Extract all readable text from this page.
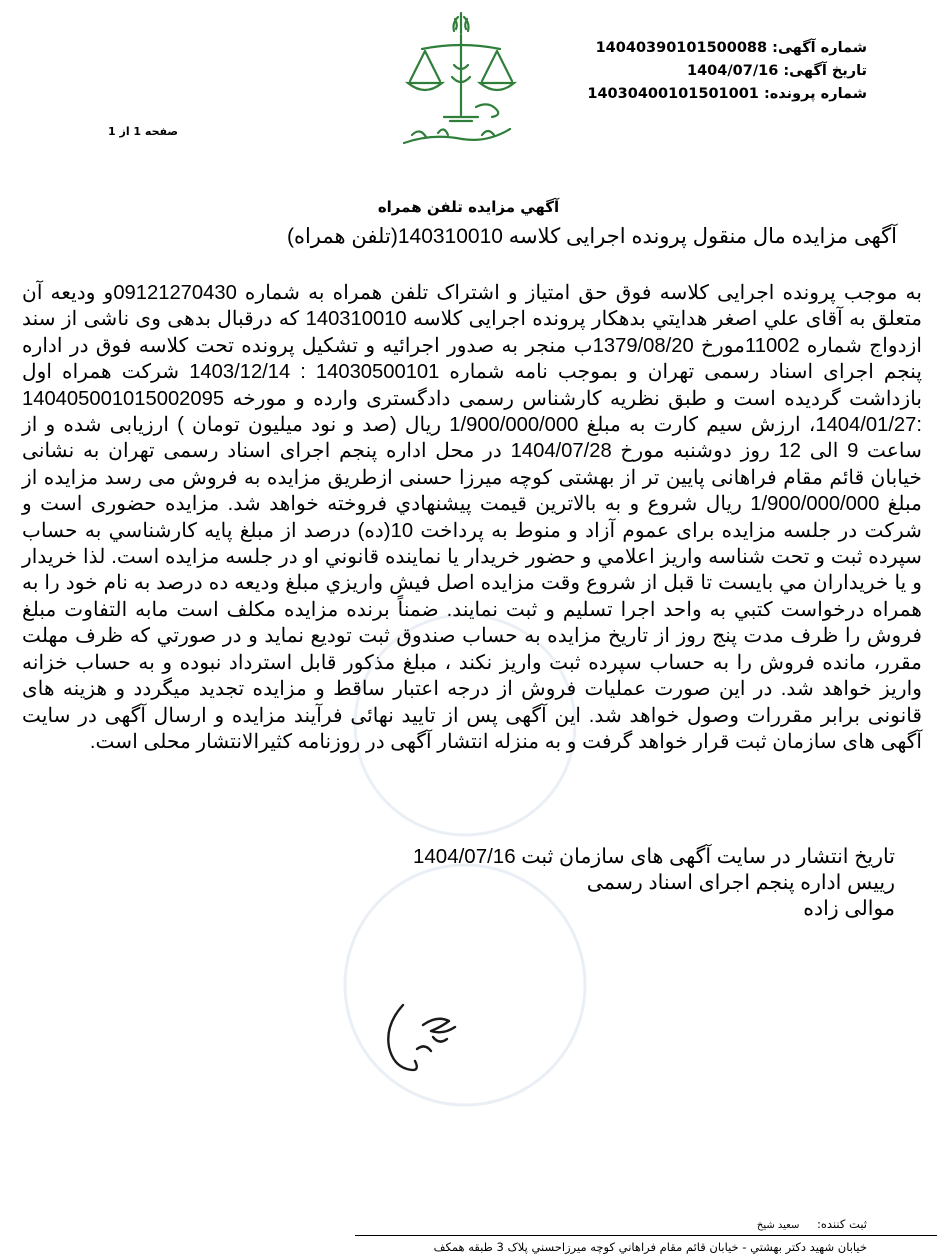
شماره آگهی: 14040390101500088
تاریخ آگهی: 1404/07/16
شماره پرونده: 14030400101501001
صفحه 1 از 1
آگهي مزایده تلفن همراه
آگهی مزایده مال منقول پرونده اجرایی کلاسه 140310010(تلفن همراه)
به موجب پرونده اجرايی کلاسه فوق حق امتياز و اشتراک تلفن همراه به شماره 09121270430و وديعه آن متعلق به آقای علي اصغر هدايتي بدهکار پرونده اجرايی کلاسه 140310010 که درقبال بدهی وی ناشی از سند ازدواج شماره 11002مورخ 1379/08/20ب منجر به صدور اجرائيه و تشکيل پرونده تحت کلاسه فوق در اداره پنجم اجرای اسناد رسمی تهران و بموجب نامه شماره 14030500101 : 1403/12/14 شرکت همراه اول بازداشت گرديده است و طبق نظريه کارشناس رسمی دادگستری وارده و مورخه 140405001015002095 :1404/01/27، ارزش سيم کارت به مبلغ 1/900/000/000 ريال (صد و نود ميليون تومان ) ارزيابی شده و از ساعت 9 الی 12 روز دوشنبه مورخ 1404/07/28 در محل اداره پنجم اجرای اسناد رسمی تهران به نشانی خيابان قائم مقام فراهانی پايين تر از بهشتی کوچه ميرزا حسنی ازطريق مزايده به فروش می رسد مزايده از مبلغ 1/900/000/000 ريال شروع و به بالاترين قيمت پيشنهادي فروخته خواهد شد. مزايده حضوری است و شرکت در جلسه مزايده برای عموم آزاد و منوط به پرداخت 10(ده) درصد از مبلغ پايه کارشناسي به حساب سپرده ثبت و تحت شناسه واريز اعلامي و حضور خريدار يا نماينده قانوني او در جلسه مزايده است. لذا خريدار و يا خريداران مي بايست تا قبل از شروع وقت مزايده اصل فيش واريزي مبلغ وديعه ده درصد به نام خود را به همراه درخواست کتبي به واحد اجرا تسليم و ثبت نمايند. ضمناً برنده مزايده مکلف است مابه التفاوت مبلغ فروش را ظرف مدت پنج روز از تاريخ مزايده به حساب صندوق ثبت توديع نمايد و در صورتي که ظرف مهلت مقرر، مانده فروش را به حساب سپرده ثبت واريز نکند ، مبلغ مذکور قابل استرداد نبوده و به حساب خزانه واريز خواهد شد. در اين صورت عمليات فروش از درجه اعتبار ساقط و مزايده تجديد ميگردد و هزينه های قانونی برابر مقررات وصول خواهد شد. اين آگهی پس از تاييد نهائی فرآيند مزايده و ارسال آگهی در سايت آگهی های سازمان ثبت قرار خواهد گرفت و به منزله انتشار آگهی در روزنامه کثيرالانتشار محلی است.
تاریخ انتشار در سایت آگهی های سازمان ثبت 1404/07/16
ریيس اداره پنجم اجرای اسناد رسمی
موالی زاده
ثبت کننده: سعید شیخ
خيابان شهيد دکتر بهشتي - خيابان قائم مقام فراهاني کوچه ميرزاحسني پلاک 3 طبقه همکف
